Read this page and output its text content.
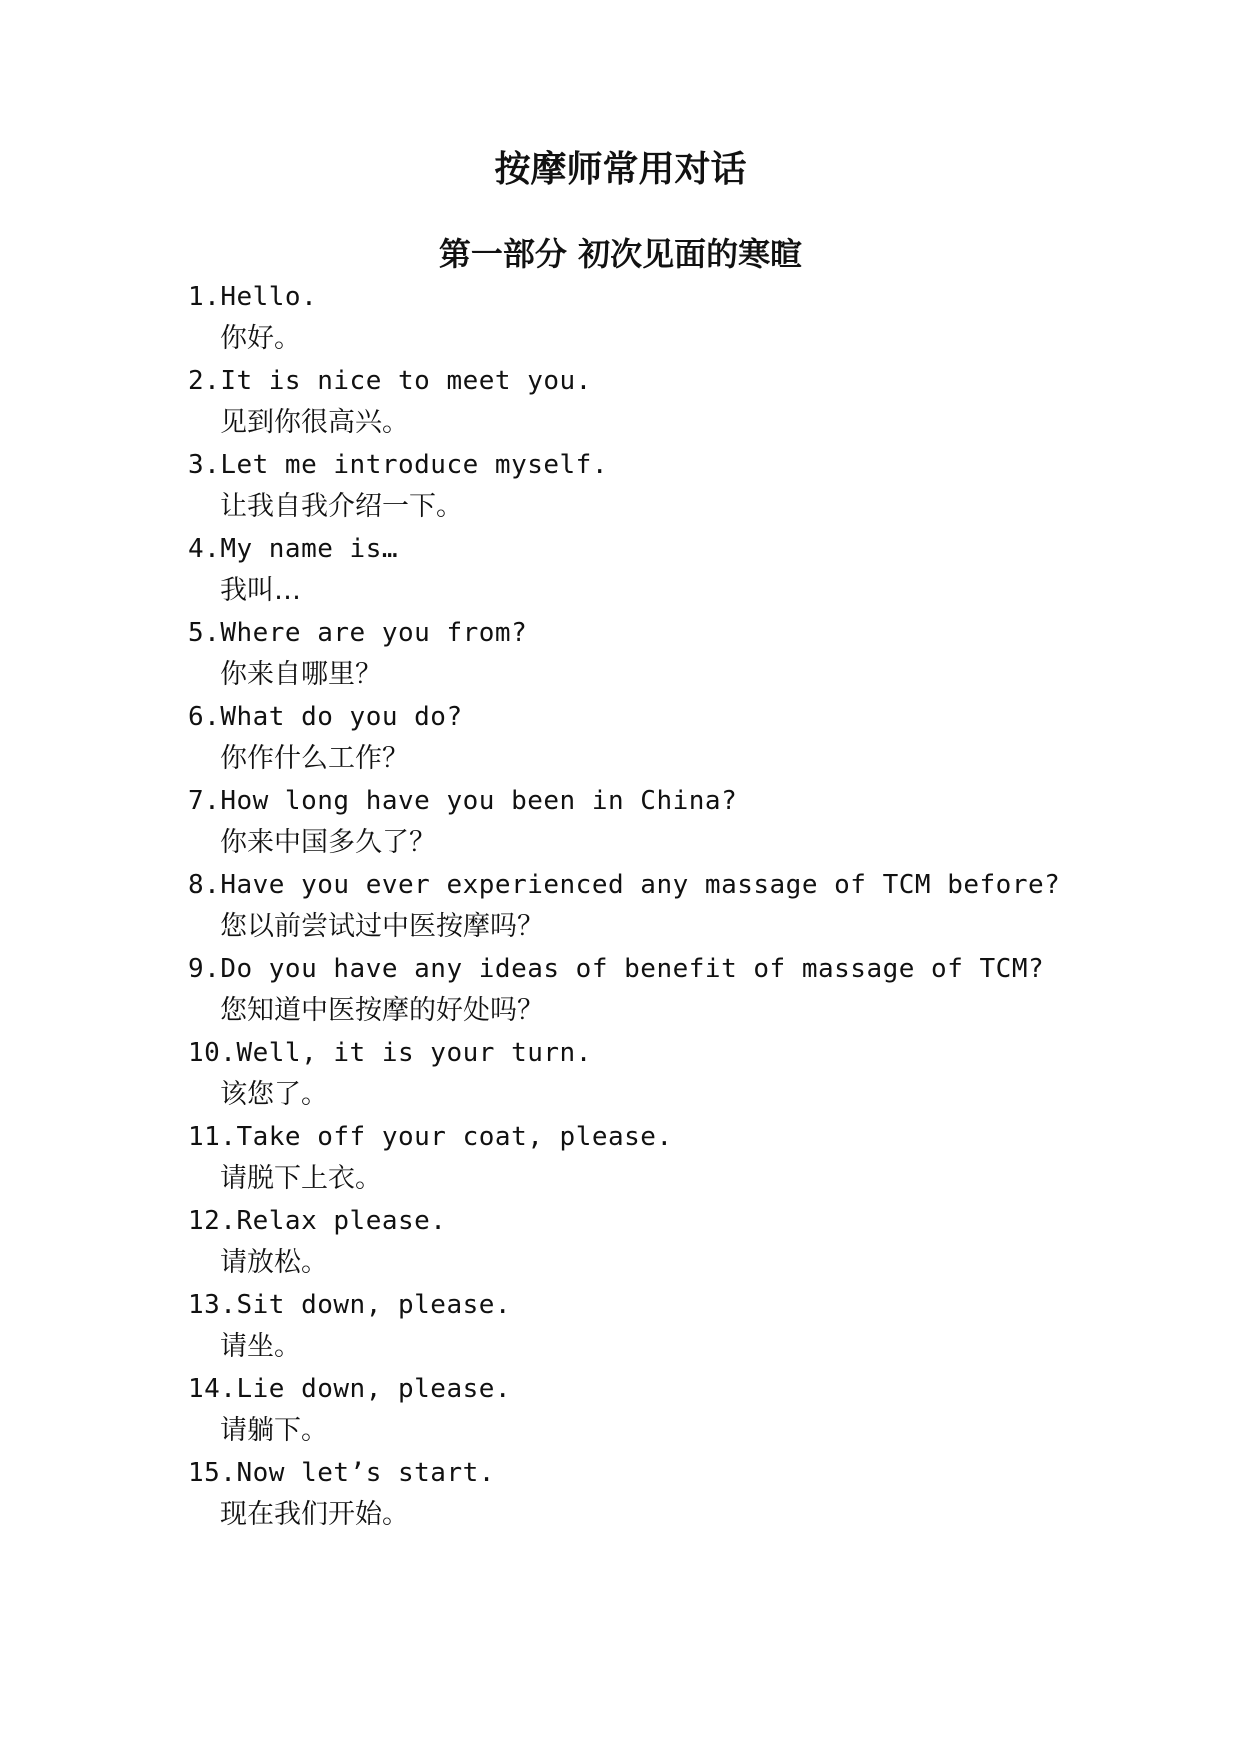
按摩师常用对话
第一部分 初次见面的寒暄
1.Hello.
你好。
2.It is nice to meet you.
见到你很高兴。
3.Let me introduce myself.
让我自我介绍一下。
4.My name is…
我叫…
5.Where are you from?
你来自哪里？
6.What do you do?
你作什么工作？
7.How long have you been in China?
你来中国多久了？
8.Have you ever experienced any massage of TCM before?
您以前尝试过中医按摩吗？
9.Do you have any ideas of benefit of massage of TCM?
您知道中医按摩的好处吗？
10.Well, it is your turn.
该您了。
11.Take off your coat, please.
请脱下上衣。
12.Relax please.
请放松。
13.Sit down, please.
请坐。
14.Lie down, please.
请躺下。
15.Now let’s start.
现在我们开始。
